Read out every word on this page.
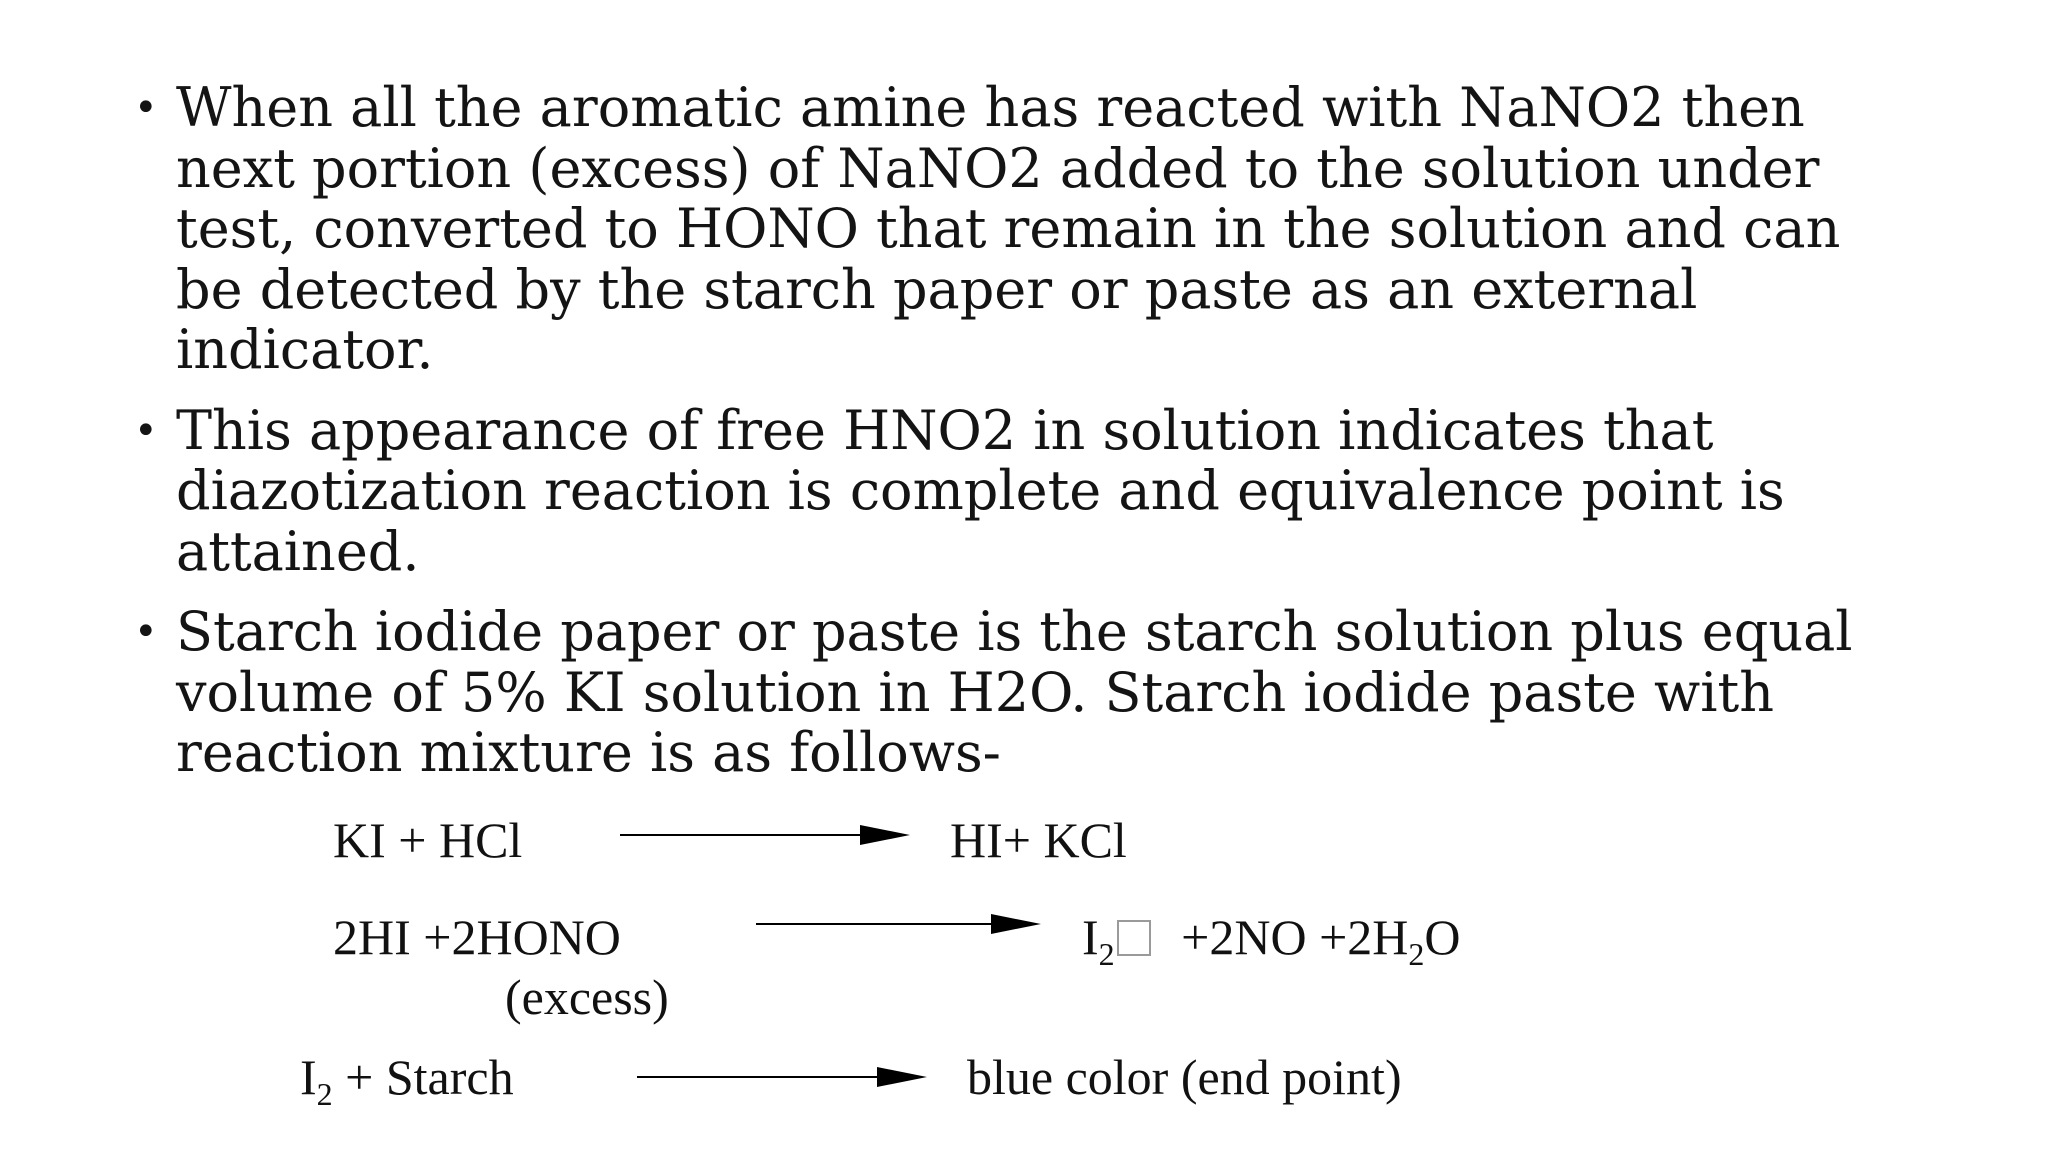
• When all the aromatic amine has reacted with NaNO2 then next portion (excess) of NaNO2 added to the solution under test, converted to HONO that remain in the solution and can be detected by the starch paper or paste as an external indicator.
• This appearance of free HNO2 in solution indicates that diazotization reaction is complete and equivalence point is attained.
• Starch iodide paper or paste is the starch solution plus equal volume of 5% KI solution in H2O. Starch iodide paste with reaction mixture is as follows-
KI + HCl	HI+ KCl
2HI +2HONO
(excess)
$I_2 +2NO +2H_2O$
$I_2$ + Starch	blue color (end point)
